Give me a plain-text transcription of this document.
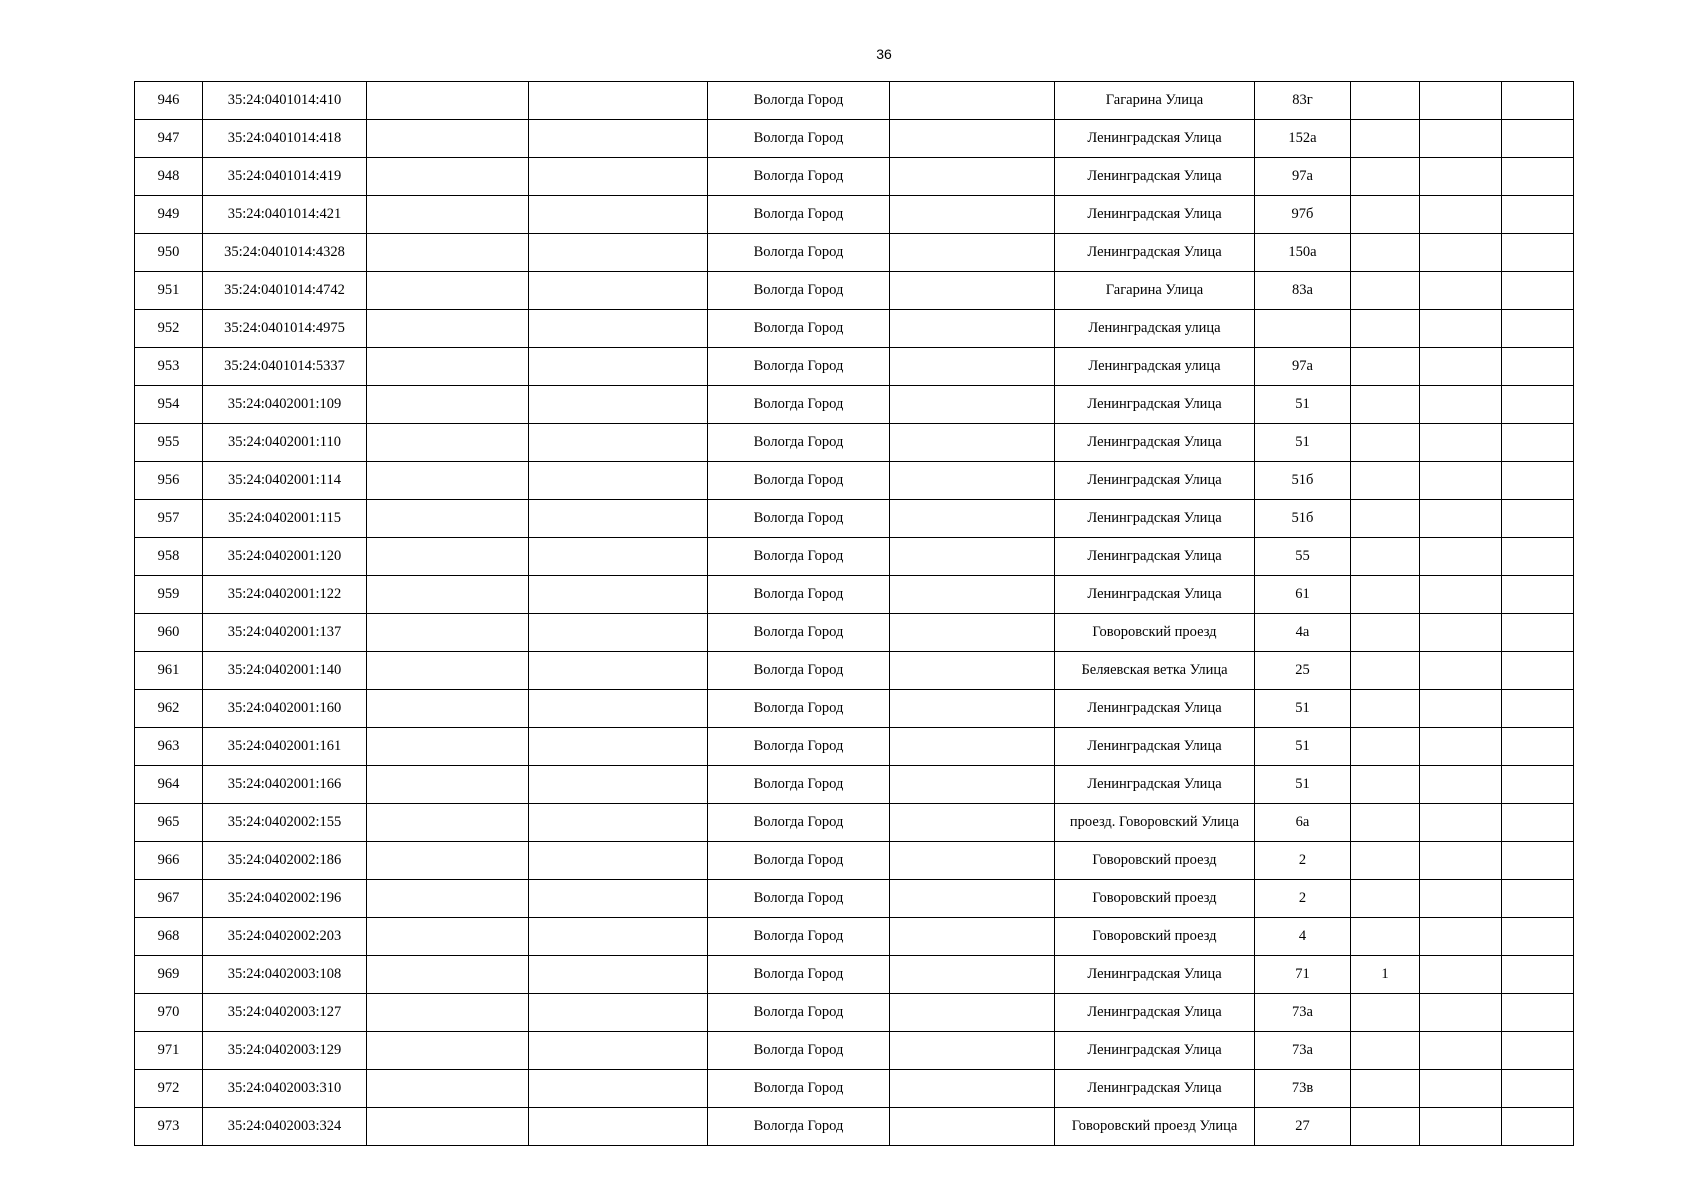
36
946	35:24:0401014:410			Вологда Город		Гагарина Улица	83г			
947	35:24:0401014:418			Вологда Город		Ленинградская Улица	152а			
948	35:24:0401014:419			Вологда Город		Ленинградская Улица	97а			
949	35:24:0401014:421			Вологда Город		Ленинградская Улица	97б			
950	35:24:0401014:4328			Вологда Город		Ленинградская Улица	150а			
951	35:24:0401014:4742			Вологда Город		Гагарина Улица	83а			
952	35:24:0401014:4975			Вологда Город		Ленинградская улица				
953	35:24:0401014:5337			Вологда Город		Ленинградская улица	97а			
954	35:24:0402001:109			Вологда Город		Ленинградская Улица	51			
955	35:24:0402001:110			Вологда Город		Ленинградская Улица	51			
956	35:24:0402001:114			Вологда Город		Ленинградская Улица	51б			
957	35:24:0402001:115			Вологда Город		Ленинградская Улица	51б			
958	35:24:0402001:120			Вологда Город		Ленинградская Улица	55			
959	35:24:0402001:122			Вологда Город		Ленинградская Улица	61			
960	35:24:0402001:137			Вологда Город		Говоровский проезд	4а			
961	35:24:0402001:140			Вологда Город		Беляевская ветка Улица	25			
962	35:24:0402001:160			Вологда Город		Ленинградская Улица	51			
963	35:24:0402001:161			Вологда Город		Ленинградская Улица	51			
964	35:24:0402001:166			Вологда Город		Ленинградская Улица	51			
965	35:24:0402002:155			Вологда Город		проезд. Говоровский Улица	6а			
966	35:24:0402002:186			Вологда Город		Говоровский проезд	2			
967	35:24:0402002:196			Вологда Город		Говоровский проезд	2			
968	35:24:0402002:203			Вологда Город		Говоровский проезд	4			
969	35:24:0402003:108			Вологда Город		Ленинградская Улица	71	1		
970	35:24:0402003:127			Вологда Город		Ленинградская Улица	73а			
971	35:24:0402003:129			Вологда Город		Ленинградская Улица	73а			
972	35:24:0402003:310			Вологда Город		Ленинградская Улица	73в			
973	35:24:0402003:324			Вологда Город		Говоровский проезд Улица	27			
